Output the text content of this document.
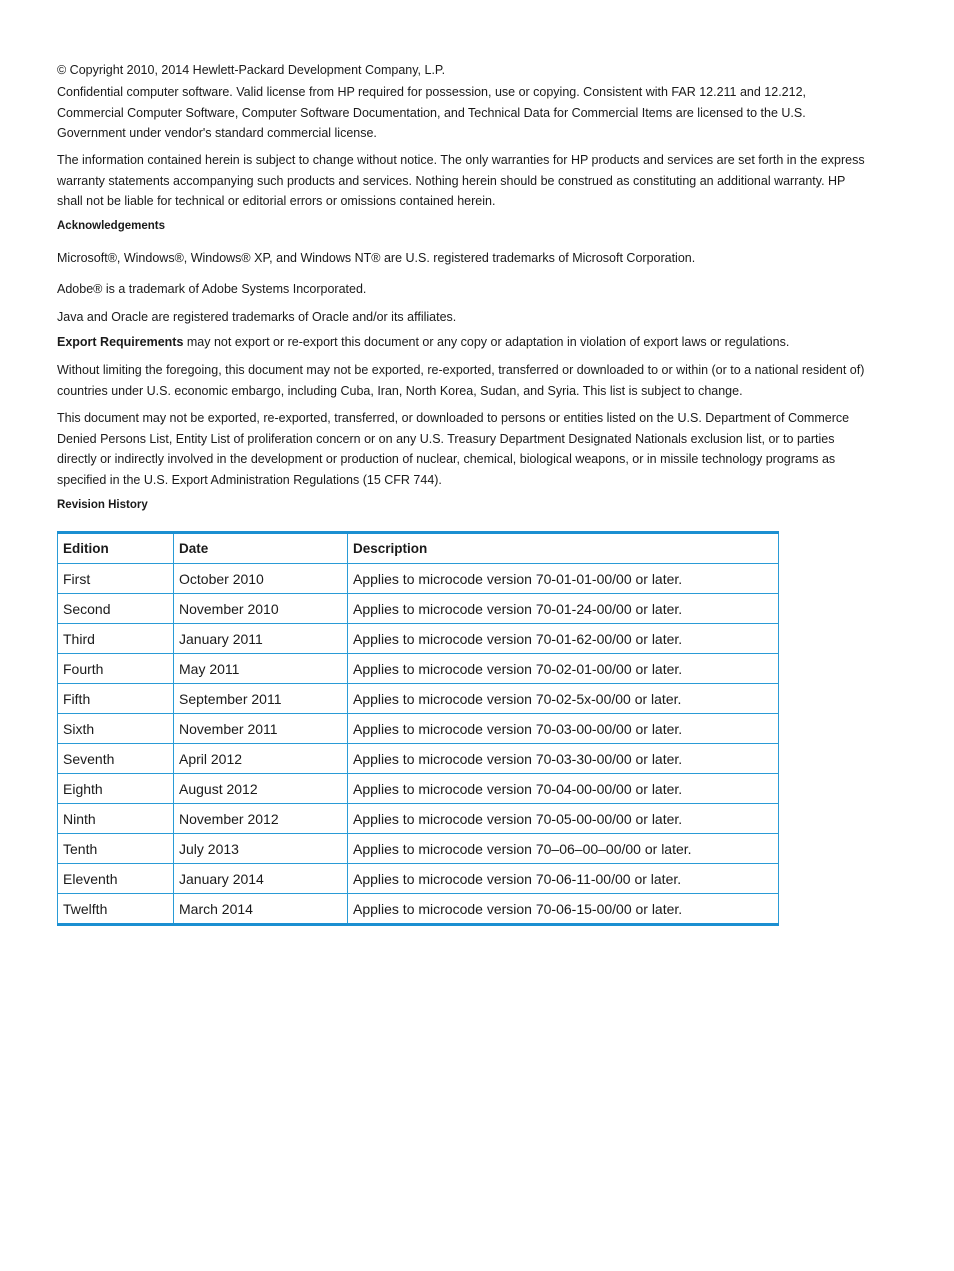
© Copyright 2010, 2014 Hewlett-Packard Development Company, L.P.

Confidential computer software. Valid license from HP required for possession, use or copying. Consistent with FAR 12.211 and 12.212, Commercial Computer Software, Computer Software Documentation, and Technical Data for Commercial Items are licensed to the U.S. Government under vendor's standard commercial license.

The information contained herein is subject to change without notice. The only warranties for HP products and services are set forth in the express warranty statements accompanying such products and services. Nothing herein should be construed as constituting an additional warranty. HP shall not be liable for technical or editorial errors or omissions contained herein.

Acknowledgements

Microsoft®, Windows®, Windows® XP, and Windows NT® are U.S. registered trademarks of Microsoft Corporation.

Adobe® is a trademark of Adobe Systems Incorporated.

Java and Oracle are registered trademarks of Oracle and/or its affiliates.

Export Requirements may not export or re-export this document or any copy or adaptation in violation of export laws or regulations.

Without limiting the foregoing, this document may not be exported, re-exported, transferred or downloaded to or within (or to a national resident of) countries under U.S. economic embargo, including Cuba, Iran, North Korea, Sudan, and Syria. This list is subject to change.

This document may not be exported, re-exported, transferred, or downloaded to persons or entities listed on the U.S. Department of Commerce Denied Persons List, Entity List of proliferation concern or on any U.S. Treasury Department Designated Nationals exclusion list, or to parties directly or indirectly involved in the development or production of nuclear, chemical, biological weapons, or in missile technology programs as specified in the U.S. Export Administration Regulations (15 CFR 744).

Revision History

Edition	Date	Description
First	October 2010	Applies to microcode version 70-01-01-00/00 or later.
Second	November 2010	Applies to microcode version 70-01-24-00/00 or later.
Third	January 2011	Applies to microcode version 70-01-62-00/00 or later.
Fourth	May 2011	Applies to microcode version 70-02-01-00/00 or later.
Fifth	September 2011	Applies to microcode version 70-02-5x-00/00 or later.
Sixth	November 2011	Applies to microcode version 70-03-00-00/00 or later.
Seventh	April 2012	Applies to microcode version 70-03-30-00/00 or later.
Eighth	August 2012	Applies to microcode version 70-04-00-00/00 or later.
Ninth	November 2012	Applies to microcode version 70-05-00-00/00 or later.
Tenth	July 2013	Applies to microcode version 70–06–00–00/00 or later.
Eleventh	January 2014	Applies to microcode version 70-06-11-00/00 or later.
Twelfth	March 2014	Applies to microcode version 70-06-15-00/00 or later.
